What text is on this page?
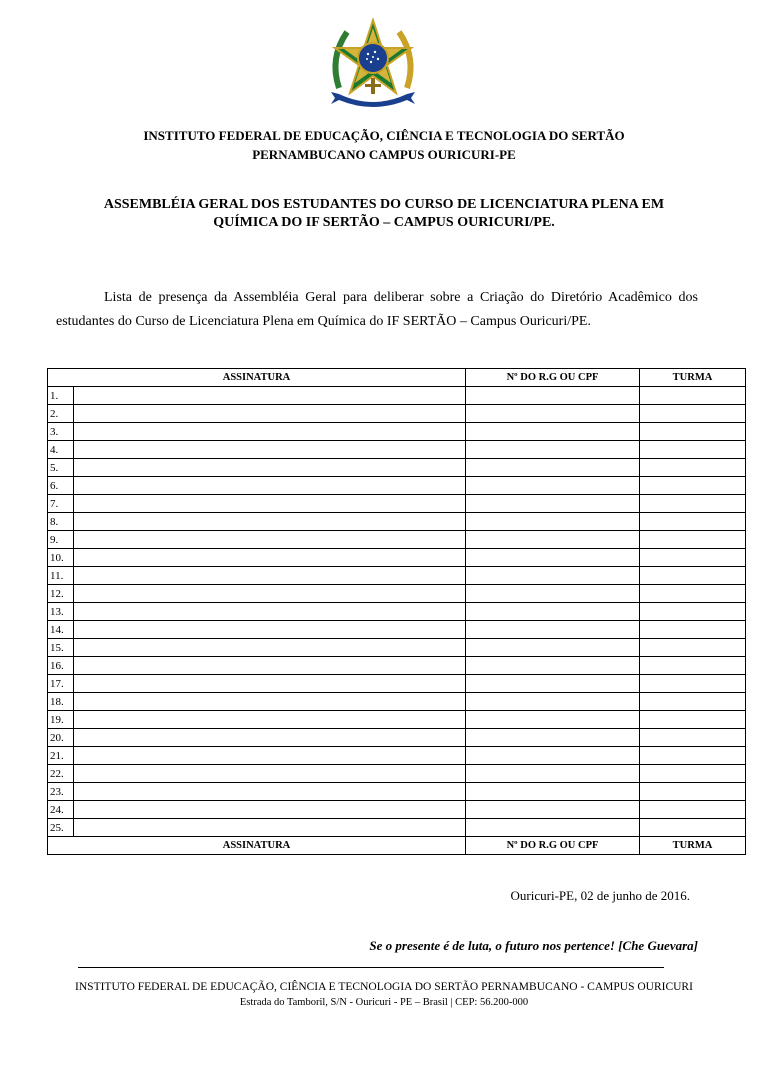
INSTITUTO FEDERAL DE EDUCAÇÃO, CIÊNCIA E TECNOLOGIA DO SERTÃO
PERNAMBUCANO CAMPUS OURICURI-PE
ASSEMBLÉIA GERAL DOS ESTUDANTES DO CURSO DE LICENCIATURA PLENA EM
QUÍMICA DO IF SERTÃO – CAMPUS OURICURI/PE.

Lista de presença da Assembléia Geral para deliberar sobre a Criação do Diretório Acadêmico dos estudantes do Curso de Licenciatura Plena em Química do IF SERTÃO – Campus Ouricuri/PE.

ASSINATURA		Nº DO R.G OU CPF	TURMA
1.			
2.			
3.			
4.			
5.			
6.			
7.			
8.			
9.			
10.			
11.			
12.			
13.			
14.			
15.			
16.			
17.			
18.			
19.			
20.			
21.			
22.			
23.			
24.			
25.			
ASSINATURA		Nº DO R.G OU CPF	TURMA
Ouricuri-PE, 02 de junho de 2016.
Se o presente é de luta, o futuro nos pertence! [Che Guevara]
INSTITUTO FEDERAL DE EDUCAÇÃO, CIÊNCIA E TECNOLOGIA DO SERTÃO PERNAMBUCANO - CAMPUS OURICURI
Estrada do Tamboril, S/N - Ouricuri - PE – Brasil | CEP: 56.200-000
